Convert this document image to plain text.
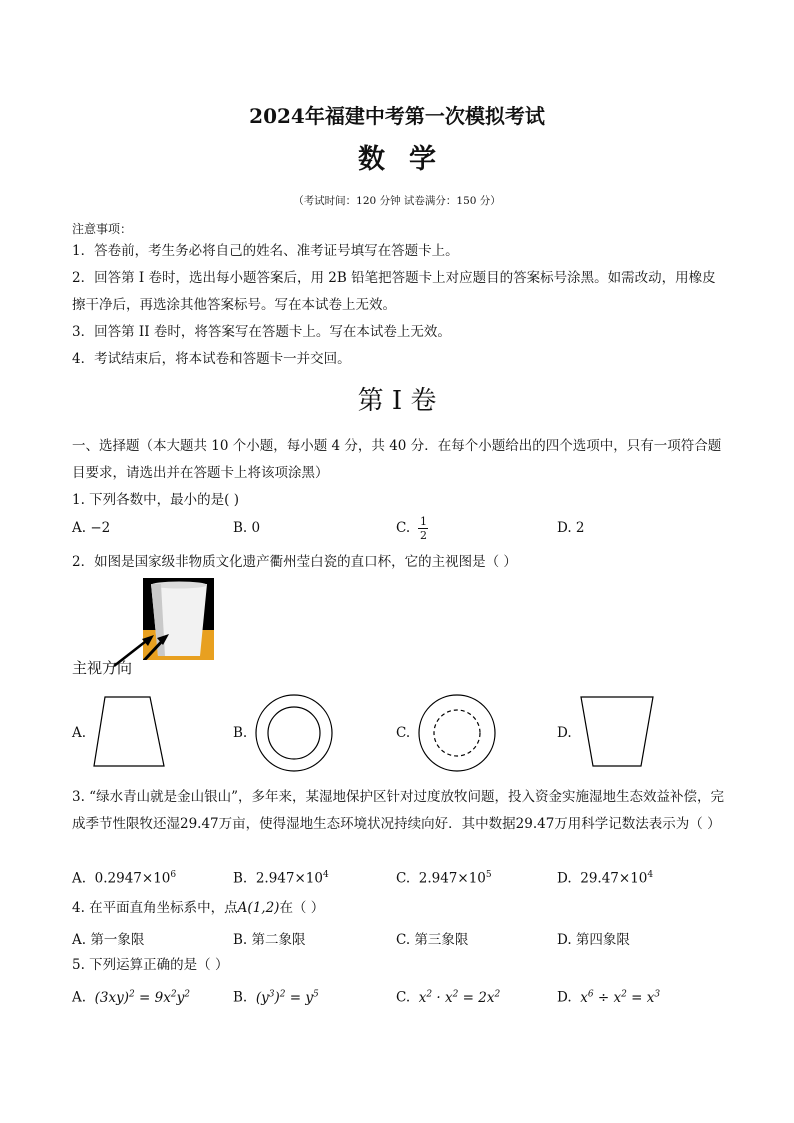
2024年福建中考第一次模拟考试
数学
（考试时间：120 分钟 试卷满分：150 分）
注意事项：
1．答卷前，考生务必将自己的姓名、准考证号填写在答题卡上。
2．回答第 I 卷时，选出每小题答案后，用 2B 铅笔把答题卡上对应题目的答案标号涂黑。如需改动，用橡皮擦干净后，再选涂其他答案标号。写在本试卷上无效。
3．回答第 II 卷时，将答案写在答题卡上。写在本试卷上无效。
4．考试结束后，将本试卷和答题卡一并交回。
第 I 卷
一、选择题（本大题共 10 个小题，每小题 4 分，共 40 分．在每个小题给出的四个选项中，只有一项符合题目要求，请选出并在答题卡上将该项涂黑）
1. 下列各数中，最小的是( )
A. −2	B. 0	C. $\frac{1}{2}$	D. 2
2．如图是国家级非物质文化遗产衢州莹白瓷的直口杯，它的主视图是（ ）
主视方向
A.	B.	C.	D.
3. “绿水青山就是金山银山”，多年来，某湿地保护区针对过度放牧问题，投入资金实施湿地生态效益补偿，完成季节性限牧还湿29.47万亩，使得湿地生态环境状况持续向好．其中数据29.47万用科学记数法表示为（ ）
A. $0.2947\times 10^6$	B. $2.947\times 10^4$	C. $2.947\times 10^5$	D. $29.47\times 10^4$
4. 在平面直角坐标系中，点A(1,2)在（ ）
A. 第一象限	B. 第二象限	C. 第三象限	D. 第四象限
5. 下列运算正确的是（ ）
A. $(3xy)^2 = 9x^2y^2$	B. $(y^3)^2 = y^5$	C. $x^2 \cdot x^2 = 2x^2$	D. $x^6 \div x^2 = x^3$
